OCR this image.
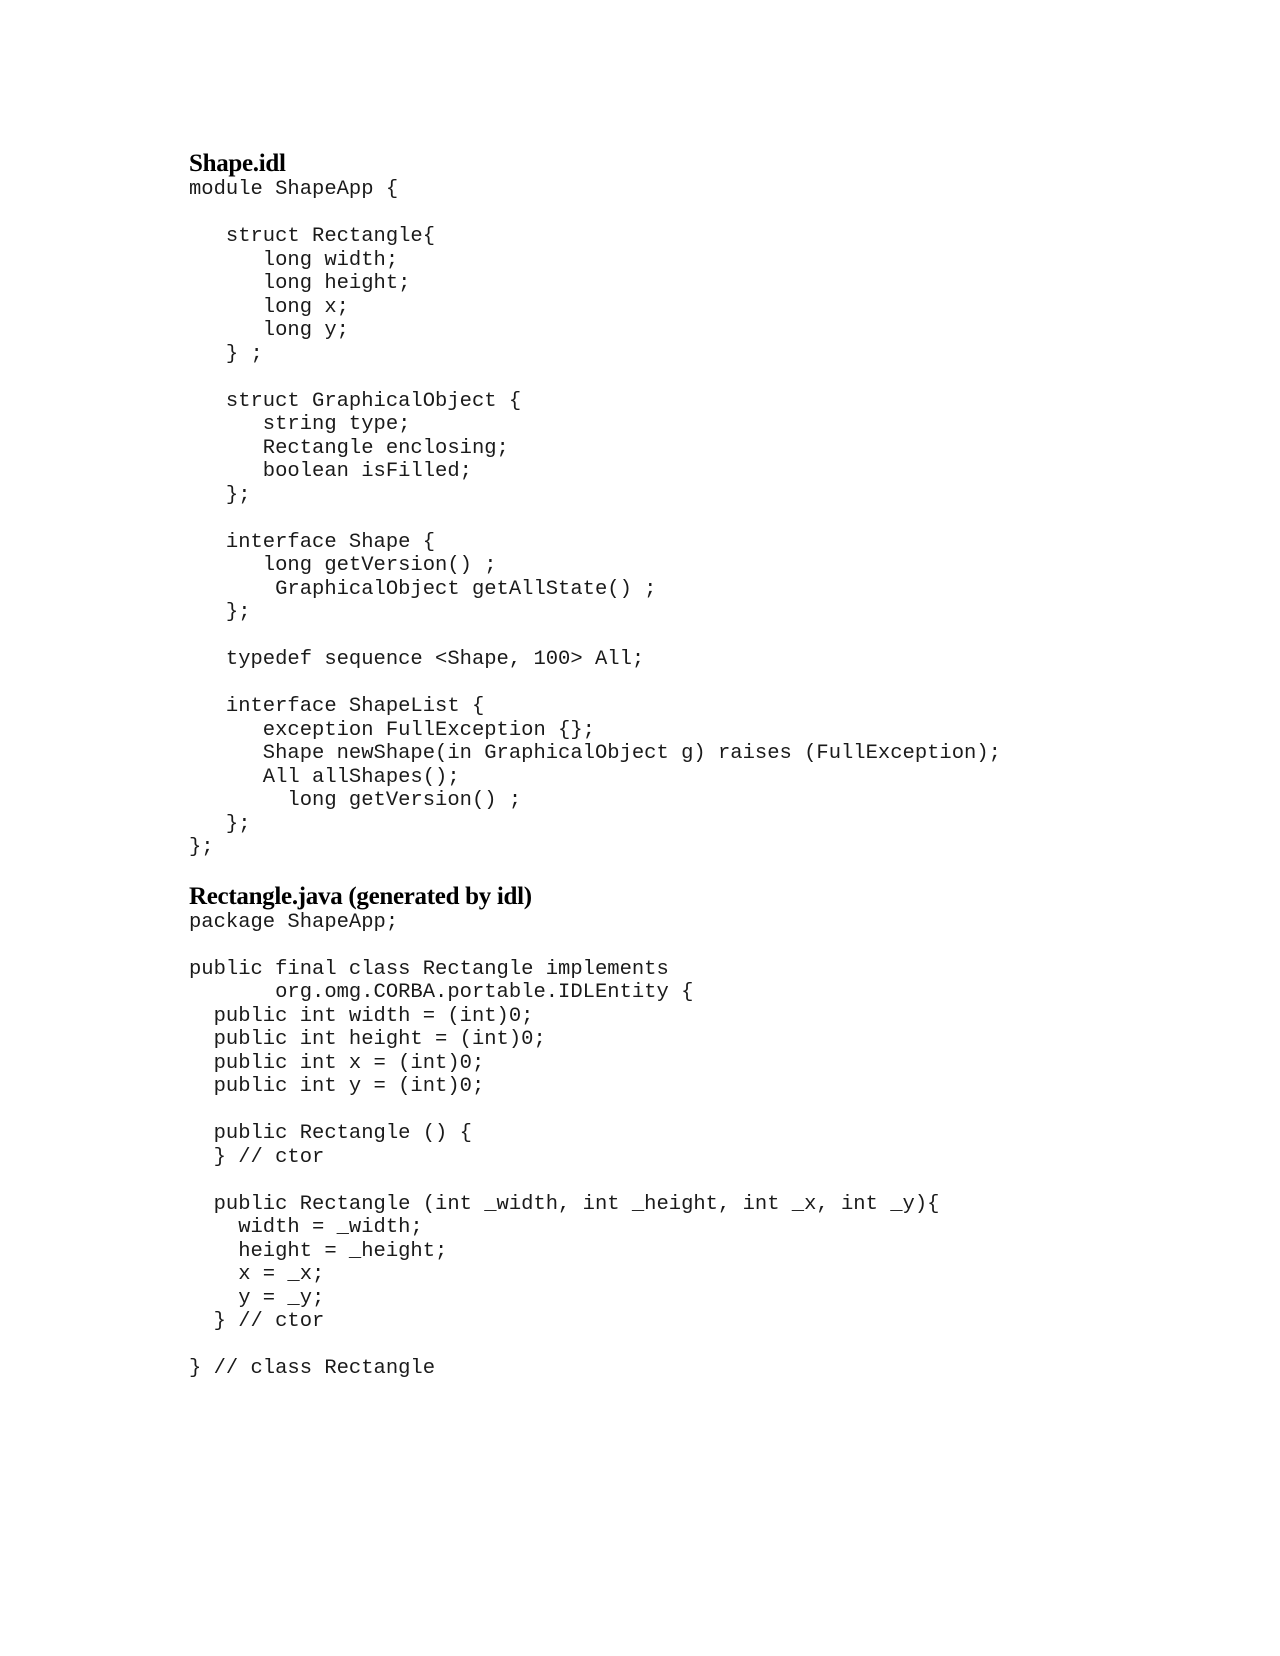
Shape.idl
module ShapeApp {
struct Rectangle{
long width;
long height;
long x;
long y;
} ;
struct GraphicalObject {
string type;
Rectangle enclosing;
boolean isFilled;
};
interface Shape {
long getVersion() ;
GraphicalObject getAllState() ;
};
typedef sequence <Shape, 100> All;
interface ShapeList {
exception FullException {};
Shape newShape(in GraphicalObject g) raises (FullException);
All allShapes();
long getVersion() ;
};
};
Rectangle.java (generated by idl)
package ShapeApp;
public final class Rectangle implements
org.omg.CORBA.portable.IDLEntity {
public int width = (int)0;
public int height = (int)0;
public int x = (int)0;
public int y = (int)0;
public Rectangle () {
} // ctor
public Rectangle (int _width, int _height, int _x, int _y){
width = _width;
height = _height;
x = _x;
y = _y;
} // ctor
} // class Rectangle
